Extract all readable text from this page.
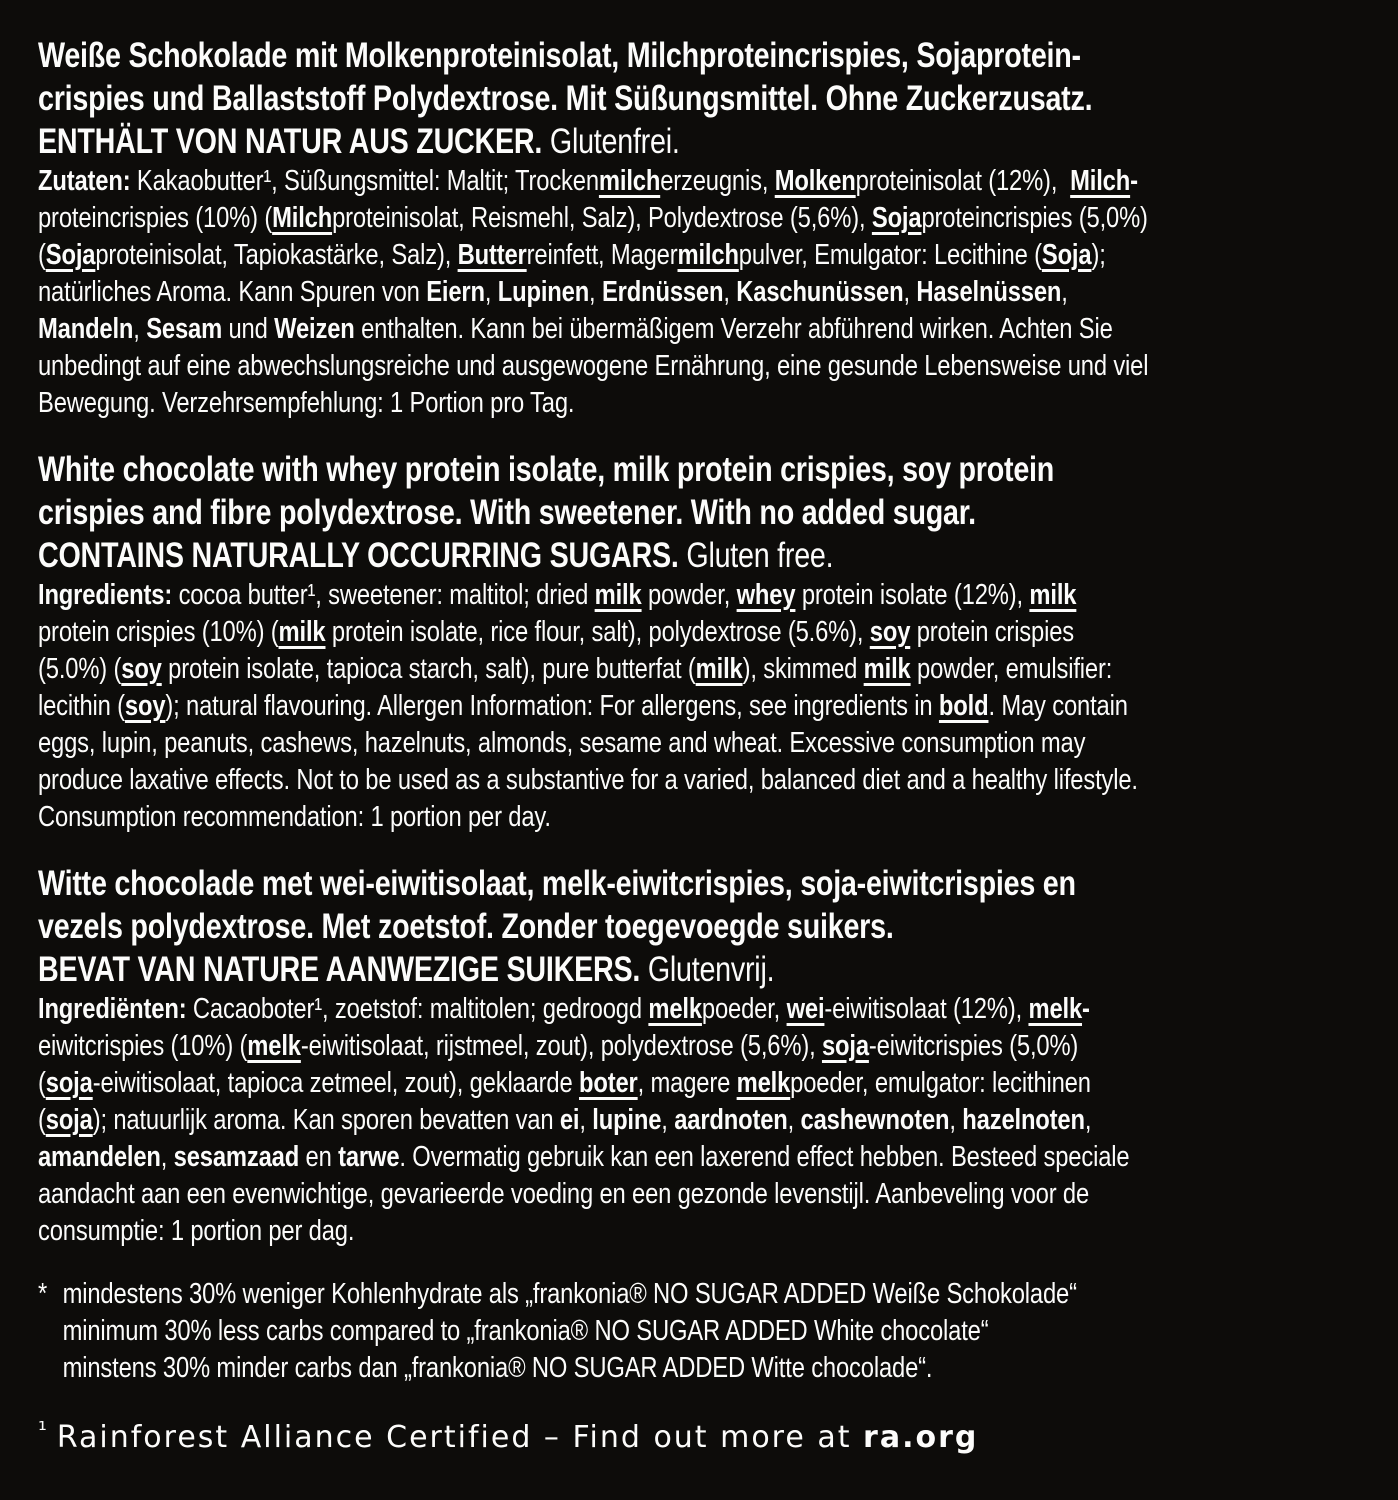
Weiße Schokolade mit Molkenproteinisolat, Milchproteincrispies, Sojaprotein-
crispies und Ballaststoff Polydextrose. Mit Süßungsmittel. Ohne Zuckerzusatz.
ENTHÄLT VON NATUR AUS ZUCKER. Glutenfrei.
Zutaten: Kakaobutter¹, Süßungsmittel: Maltit; Trockenmilcherzeugnis, Molkenproteinisolat (12%),  Milch-
proteincrispies (10%) (Milchproteinisolat, Reismehl, Salz), Polydextrose (5,6%), Sojaproteincrispies (5,0%)
(Sojaproteinisolat, Tapiokastärke, Salz), Butterreinfett, Magermilchpulver, Emulgator: Lecithine (Soja);
natürliches Aroma. Kann Spuren von Eiern, Lupinen, Erdnüssen, Kaschunüssen, Haselnüssen,
Mandeln, Sesam und Weizen enthalten. Kann bei übermäßigem Verzehr abführend wirken. Achten Sie
unbedingt auf eine abwechslungsreiche und ausgewogene Ernährung, eine gesunde Lebensweise und viel
Bewegung. Verzehrsempfehlung: 1 Portion pro Tag.
White chocolate with whey protein isolate, milk protein crispies, soy protein
crispies and fibre polydextrose. With sweetener. With no added sugar.
CONTAINS NATURALLY OCCURRING SUGARS. Gluten free.
Ingredients: cocoa butter¹, sweetener: maltitol; dried milk powder, whey protein isolate (12%), milk
protein crispies (10%) (milk protein isolate, rice flour, salt), polydextrose (5.6%), soy protein crispies
(5.0%) (soy protein isolate, tapioca starch, salt), pure butterfat (milk), skimmed milk powder, emulsifier:
lecithin (soy); natural flavouring. Allergen Information: For allergens, see ingredients in bold. May contain
eggs, lupin, peanuts, cashews, hazelnuts, almonds, sesame and wheat. Excessive consumption may
produce laxative effects. Not to be used as a substantive for a varied, balanced diet and a healthy lifestyle.
Consumption recommendation: 1 portion per day.
Witte chocolade met wei-eiwitisolaat, melk-eiwitcrispies, soja-eiwitcrispies en
vezels polydextrose. Met zoetstof. Zonder toegevoegde suikers.
BEVAT VAN NATURE AANWEZIGE SUIKERS. Glutenvrij.
Ingrediënten: Cacaoboter¹, zoetstof: maltitolen; gedroogd melkpoeder, wei-eiwitisolaat (12%), melk-
eiwitcrispies (10%) (melk-eiwitisolaat, rijstmeel, zout), polydextrose (5,6%), soja-eiwitcrispies (5,0%)
(soja-eiwitisolaat, tapioca zetmeel, zout), geklaarde boter, magere melkpoeder, emulgator: lecithinen
(soja); natuurlijk aroma. Kan sporen bevatten van ei, lupine, aardnoten, cashewnoten, hazelnoten,
amandelen, sesamzaad en tarwe. Overmatig gebruik kan een laxerend effect hebben. Besteed speciale
aandacht aan een evenwichtige, gevarieerde voeding en een gezonde levenstijl. Aanbeveling voor de
consumptie: 1 portion per dag.
* mindestens 30% weniger Kohlenhydrate als „frankonia® NO SUGAR ADDED Weiße Schokolade“
minimum 30% less carbs compared to „frankonia® NO SUGAR ADDED White chocolate“
minstens 30% minder carbs dan „frankonia® NO SUGAR ADDED Witte chocolade“.
$^{^1}$ Rainforest Alliance Certified – Find out more at ra.org
